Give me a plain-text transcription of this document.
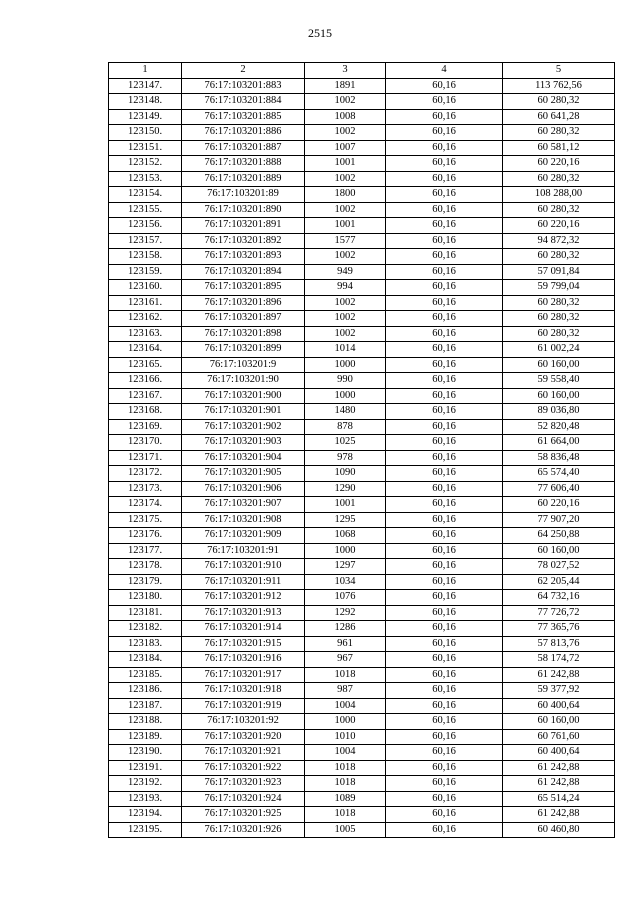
2515
1	2	3	4	5
123147.	76:17:103201:883	1891	60,16	113 762,56
123148.	76:17:103201:884	1002	60,16	60 280,32
123149.	76:17:103201:885	1008	60,16	60 641,28
123150.	76:17:103201:886	1002	60,16	60 280,32
123151.	76:17:103201:887	1007	60,16	60 581,12
123152.	76:17:103201:888	1001	60,16	60 220,16
123153.	76:17:103201:889	1002	60,16	60 280,32
123154.	76:17:103201:89	1800	60,16	108 288,00
123155.	76:17:103201:890	1002	60,16	60 280,32
123156.	76:17:103201:891	1001	60,16	60 220,16
123157.	76:17:103201:892	1577	60,16	94 872,32
123158.	76:17:103201:893	1002	60,16	60 280,32
123159.	76:17:103201:894	949	60,16	57 091,84
123160.	76:17:103201:895	994	60,16	59 799,04
123161.	76:17:103201:896	1002	60,16	60 280,32
123162.	76:17:103201:897	1002	60,16	60 280,32
123163.	76:17:103201:898	1002	60,16	60 280,32
123164.	76:17:103201:899	1014	60,16	61 002,24
123165.	76:17:103201:9	1000	60,16	60 160,00
123166.	76:17:103201:90	990	60,16	59 558,40
123167.	76:17:103201:900	1000	60,16	60 160,00
123168.	76:17:103201:901	1480	60,16	89 036,80
123169.	76:17:103201:902	878	60,16	52 820,48
123170.	76:17:103201:903	1025	60,16	61 664,00
123171.	76:17:103201:904	978	60,16	58 836,48
123172.	76:17:103201:905	1090	60,16	65 574,40
123173.	76:17:103201:906	1290	60,16	77 606,40
123174.	76:17:103201:907	1001	60,16	60 220,16
123175.	76:17:103201:908	1295	60,16	77 907,20
123176.	76:17:103201:909	1068	60,16	64 250,88
123177.	76:17:103201:91	1000	60,16	60 160,00
123178.	76:17:103201:910	1297	60,16	78 027,52
123179.	76:17:103201:911	1034	60,16	62 205,44
123180.	76:17:103201:912	1076	60,16	64 732,16
123181.	76:17:103201:913	1292	60,16	77 726,72
123182.	76:17:103201:914	1286	60,16	77 365,76
123183.	76:17:103201:915	961	60,16	57 813,76
123184.	76:17:103201:916	967	60,16	58 174,72
123185.	76:17:103201:917	1018	60,16	61 242,88
123186.	76:17:103201:918	987	60,16	59 377,92
123187.	76:17:103201:919	1004	60,16	60 400,64
123188.	76:17:103201:92	1000	60,16	60 160,00
123189.	76:17:103201:920	1010	60,16	60 761,60
123190.	76:17:103201:921	1004	60,16	60 400,64
123191.	76:17:103201:922	1018	60,16	61 242,88
123192.	76:17:103201:923	1018	60,16	61 242,88
123193.	76:17:103201:924	1089	60,16	65 514,24
123194.	76:17:103201:925	1018	60,16	61 242,88
123195.	76:17:103201:926	1005	60,16	60 460,80
